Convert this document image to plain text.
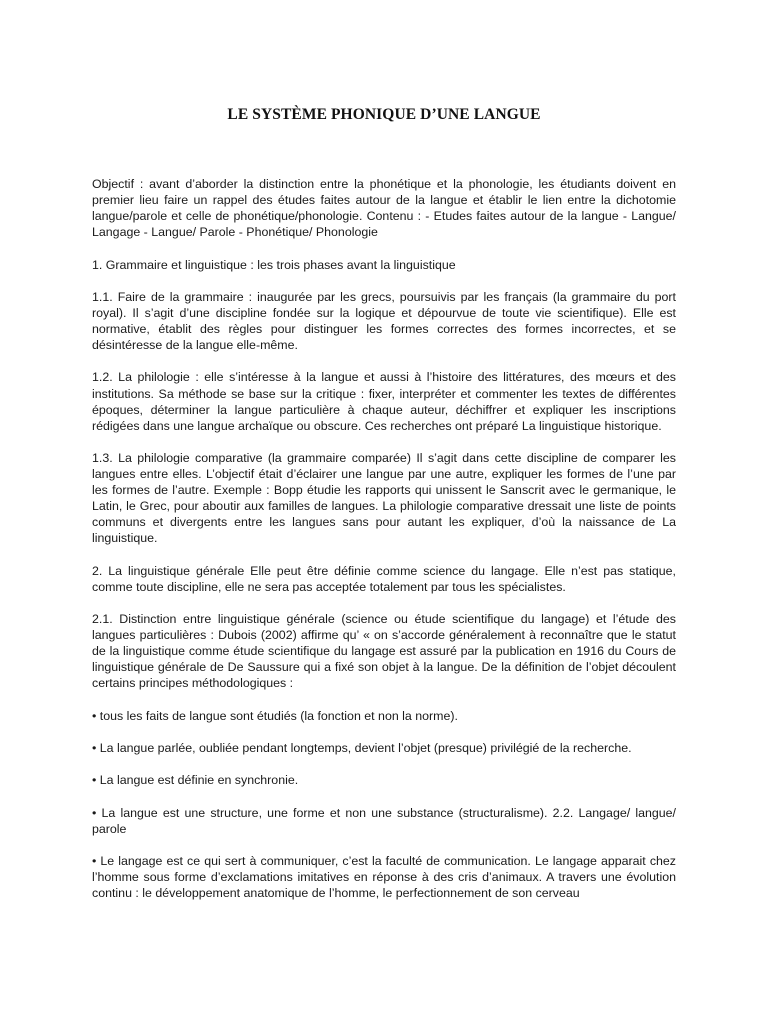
LE SYSTÈME PHONIQUE D’UNE LANGUE

Objectif : avant d’aborder la distinction entre la phonétique et la phonologie, les étudiants doivent en premier lieu faire un rappel des études faites autour de la langue et établir le lien entre la dichotomie langue/parole et celle de phonétique/phonologie. Contenu : - Etudes faites autour de la langue - Langue/ Langage - Langue/ Parole - Phonétique/ Phonologie

1. Grammaire et linguistique : les trois phases avant la linguistique

1.1. Faire de la grammaire : inaugurée par les grecs, poursuivis par les français (la grammaire du port royal). Il s’agit d’une discipline fondée sur la logique et dépourvue de toute vie scientifique). Elle est normative, établit des règles pour distinguer les formes correctes des formes incorrectes, et se désintéresse de la langue elle-même.

1.2. La philologie : elle s’intéresse à la langue et aussi à l’histoire des littératures, des mœurs et des institutions. Sa méthode se base sur la critique : fixer, interpréter et commenter les textes de différentes époques, déterminer la langue particulière à chaque auteur, déchiffrer et expliquer les inscriptions rédigées dans une langue archaïque ou obscure. Ces recherches ont préparé La linguistique historique.

1.3. La philologie comparative (la grammaire comparée) Il s’agit dans cette discipline de comparer les langues entre elles. L’objectif était d’éclairer une langue par une autre, expliquer les formes de l’une par les formes de l’autre. Exemple : Bopp étudie les rapports qui unissent le Sanscrit avec le germanique, le Latin, le Grec, pour aboutir aux familles de langues. La philologie comparative dressait une liste de points communs et divergents entre les langues sans pour autant les expliquer, d’où la naissance de La linguistique.

2. La linguistique générale Elle peut être définie comme science du langage. Elle n’est pas statique, comme toute discipline, elle ne sera pas acceptée totalement par tous les spécialistes.

2.1. Distinction entre linguistique générale (science ou étude scientifique du langage) et l’étude des langues particulières : Dubois (2002) affirme qu’ « on s’accorde généralement à reconnaître que le statut de la linguistique comme étude scientifique du langage est assuré par la publication en 1916 du Cours de linguistique générale de De Saussure qui a fixé son objet à la langue. De la définition de l’objet découlent certains principes méthodologiques :

• tous les faits de langue sont étudiés (la fonction et non la norme).

• La langue parlée, oubliée pendant longtemps, devient l’objet (presque) privilégié de la recherche.

• La langue est définie en synchronie.

• La langue est une structure, une forme et non une substance (structuralisme). 2.2. Langage/ langue/ parole

• Le langage est ce qui sert à communiquer, c’est la faculté de communication. Le langage apparait chez l’homme sous forme d’exclamations imitatives en réponse à des cris d’animaux. A travers une évolution continu : le développement anatomique de l’homme, le perfectionnement de son cerveau
